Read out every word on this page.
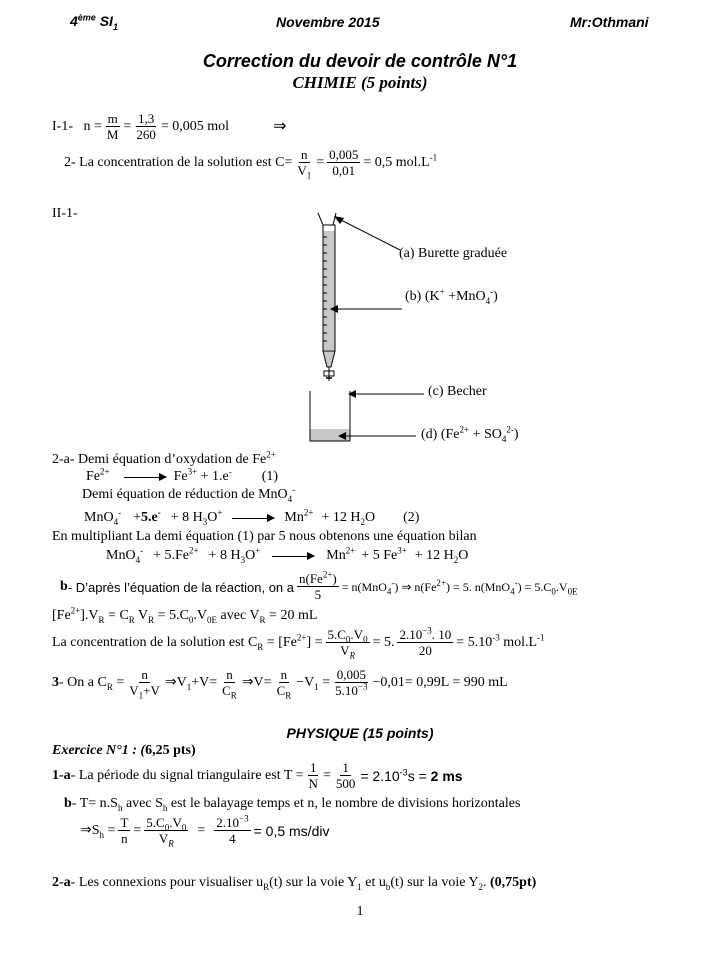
4ème $SI_1$	Novembre 2015	Mr:Othmani
Correction du devoir de contrôle N°1
CHIMIE (5 points)
I-1-
$n = \frac{m}{M} = \frac{1,3}{260} = 0,005$ mol	⇒
2- La concentration de la solution est $C= \frac{n}{V_1} = \frac{0,005}{0,01} = 0,5$ $mol.L^{-1}$
II-1-
(a) Burette graduée
(b) (K+ +MnO$_4$-)
(c) Becher
(d) $(Fe^{2+} + SO_4^{2-})$
2-a- Demi équation d’oxydation de $Fe^{2+}$
$Fe^{2+} \to Fe^{3+} + 1.e^-$ (1)
Demi équation de réduction de MnO$_4$-
MnO$_4$- + 5.e- + 8 $H_3O^+ \to Mn^{2+} + 12$ $H_2O$ (2)
En multipliant La demi équation (1) par 5 nous obtenons une équation bilan
$MnO_4^- + 5.Fe^{2+} + 8$ $H_3O^+ \to Mn^{2+} + 5$ $Fe^{3+} + 12$ $H_2O$
b - D’après l’équation de la réaction, on a $\frac{n(Fe^{2+})}{5} = n(MnO_4^-)$ ⇒ $n(Fe^{2+}) = 5$. $n(MnO_4^-) = 5.C_0.V_{0E}$
$[Fe^{2+}].V_R = C_R$ $V_R = 5.C_0.V_{0E}$ avec $V_R = 20$ mL
La concentration de la solution est $C_R = [Fe^{2+}] = \frac{5.C_0.V_0}{V_R} = 5$. $\frac{2.10^{-3}. 10}{20} = 5.10^{-3}$ $mol.L^{-1}$
3 - On a $C_R = \frac{n}{V_1+V}$ $\Rightarrow V_1+V= \frac{n}{C_R}$ ⇒V= $\frac{n}{C_R} -V_1 = \frac{0,005}{5.10^{-3}} -0,01= 0,99L = 990$ mL
PHYSIQUE (15 points)
Exercice N°1 : (6,25 pts)
1-a - La période du signal triangulaire est $T = \frac{1}{N} = \frac{1}{500} = 2.10^{-3}s = 2$ ms
b- $T= n.S_h$ avec $S_h$ est le balayage temps et n, le nombre de divisions horizontales
$\Rightarrow S_h = \frac{T}{n} = \frac{5.C_0.V_0}{V_R} = \frac{2.10^{-3}}{4} = 0,5$ ms/div
2-a- Les connexions pour visualiser $u_R(t)$ sur la voie $Y_1$ et $u_b(t)$ sur la voie $Y_2$. (0,75pt)
1
